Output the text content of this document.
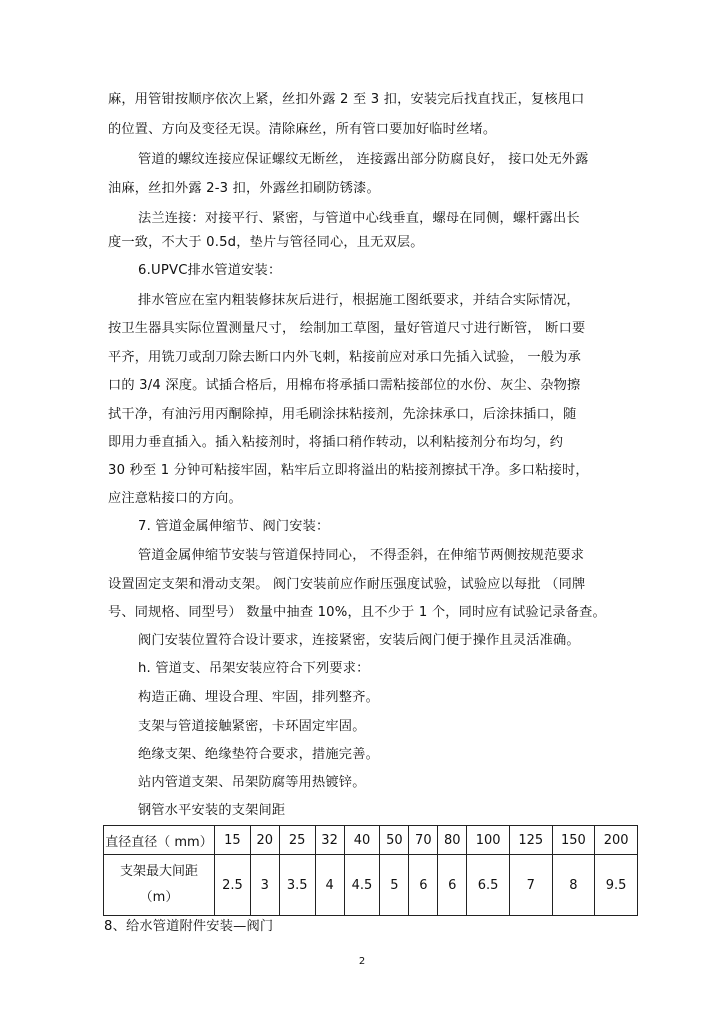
麻，用管钳按顺序依次上紧，丝扣外露 2 至 3 扣，安装完后找直找正，复核甩口
的位置、方向及变径无误。清除麻丝，所有管口要加好临时丝堵。
管道的螺纹连接应保证螺纹无断丝， 连接露出部分防腐良好， 接口处无外露
油麻，丝扣外露 2-3 扣，外露丝扣刷防锈漆。
法兰连接：对接平行、紧密，与管道中心线垂直，螺母在同侧，螺杆露出长
度一致，不大于 0.5d，垫片与管径同心，且无双层。
6.UPVC排水管道安装：
排水管应在室内粗装修抹灰后进行，根据施工图纸要求，并结合实际情况，
按卫生器具实际位置测量尺寸， 绘制加工草图，量好管道尺寸进行断管， 断口要
平齐，用铣刀或刮刀除去断口内外飞刺，粘接前应对承口先插入试验， 一般为承
口的 3/4 深度。试插合格后，用棉布将承插口需粘接部位的水份、灰尘、杂物擦
拭干净，有油污用丙酮除掉，用毛刷涂抹粘接剂，先涂抹承口，后涂抹插口，随
即用力垂直插入。插入粘接剂时，将插口稍作转动，以利粘接剂分布均匀，约
30 秒至 1 分钟可粘接牢固，粘牢后立即将溢出的粘接剂擦拭干净。多口粘接时，
应注意粘接口的方向。
7. 管道金属伸缩节、阀门安装：
管道金属伸缩节安装与管道保持同心， 不得歪斜，在伸缩节两侧按规范要求
设置固定支架和滑动支架。 阀门安装前应作耐压强度试验，试验应以每批 （同牌
号、同规格、同型号） 数量中抽查 10%，且不少于 1 个，同时应有试验记录备查。
阀门安装位置符合设计要求，连接紧密，安装后阀门便于操作且灵活准确。
h. 管道支、吊架安装应符合下列要求：
构造正确、埋设合理、牢固，排列整齐。
支架与管道接触紧密，卡环固定牢固。
绝缘支架、绝缘垫符合要求，措施完善。
站内管道支架、吊架防腐等用热镀锌。
钢管水平安装的支架间距
直径直径（ mm）	15	20	25	32	40	50	70	80	100	125	150	200

支架最大间距
（m）	2.5	3	3.5	4	4.5	5	6	6	6.5	7	8	9.5
8、给水管道附件安装—阀门
2
